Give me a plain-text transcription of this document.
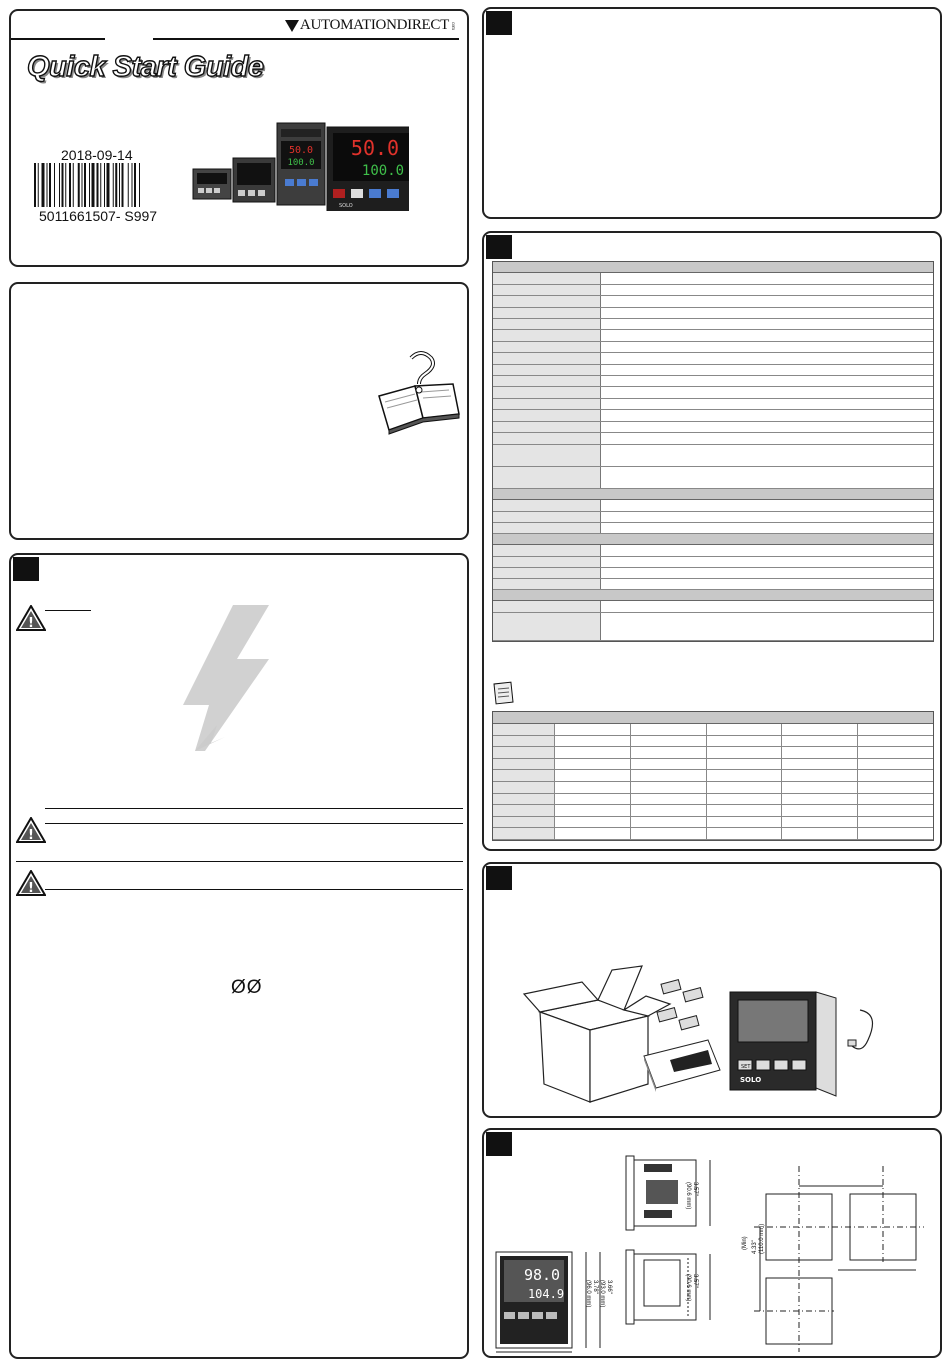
AUTOMATIONDIRECT com
Quick Start Guide
2018-09-14
5011661507- S997
50.0
100.0
50.0
100.0
SOLO
!
!
!
ØØ
SOLO
SET
3.57"
(90.6 mm)
98.0
104.9
3.66"
(93.0 mm)
3.78"
(96.0 mm)
3.57"
(90.6 mm)
4.33"
(110.0 mm)
(Min)
